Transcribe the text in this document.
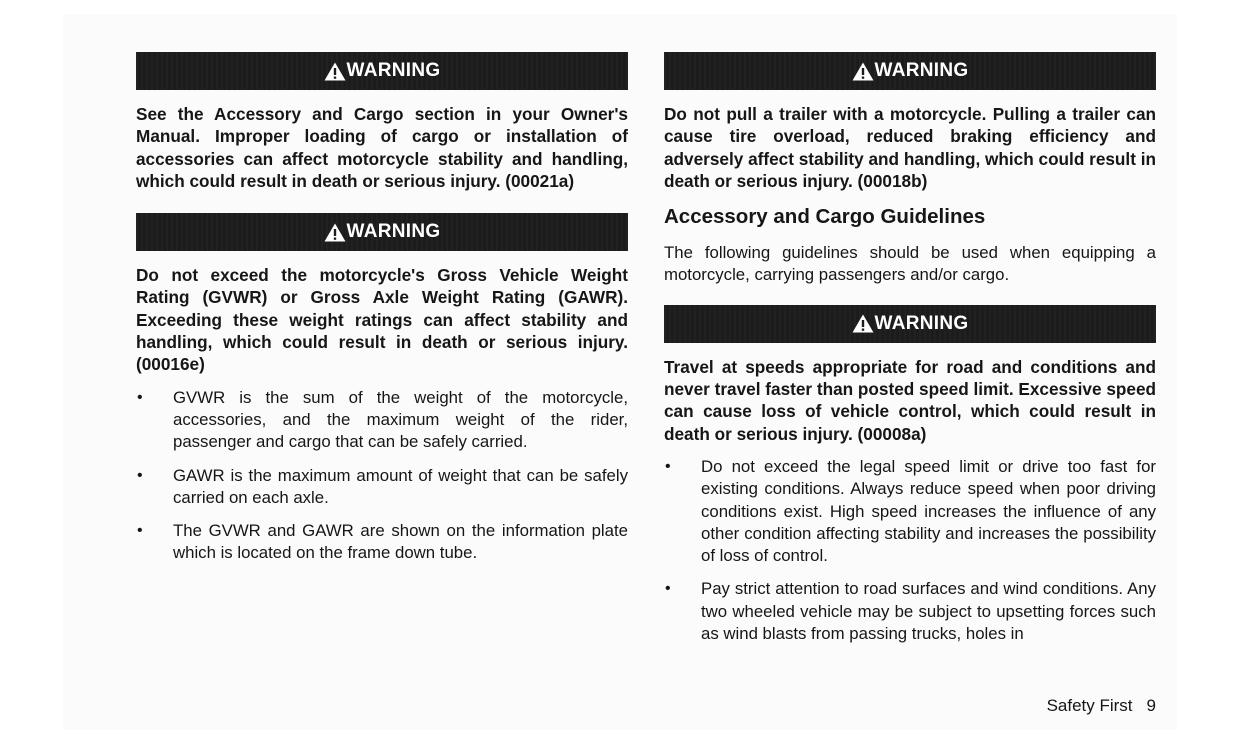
WARNING
See the Accessory and Cargo section in your Owner's Manual. Improper loading of cargo or installation of accessories can affect motorcycle stability and handling, which could result in death or serious injury. (00021a)
WARNING
Do not exceed the motorcycle's Gross Vehicle Weight Rating (GVWR) or Gross Axle Weight Rating (GAWR). Exceeding these weight ratings can affect stability and handling, which could result in death or serious injury. (00016e)
• GVWR is the sum of the weight of the motorcycle, accessories, and the maximum weight of the rider, passenger and cargo that can be safely carried.
• GAWR is the maximum amount of weight that can be safely carried on each axle.
• The GVWR and GAWR are shown on the information plate which is located on the frame down tube.
WARNING
Do not pull a trailer with a motorcycle. Pulling a trailer can cause tire overload, reduced braking efficiency and adversely affect stability and handling, which could result in death or serious injury. (00018b)
Accessory and Cargo Guidelines
The following guidelines should be used when equipping a motorcycle, carrying passengers and/or cargo.
WARNING
Travel at speeds appropriate for road and conditions and never travel faster than posted speed limit. Excessive speed can cause loss of vehicle control, which could result in death or serious injury. (00008a)
• Do not exceed the legal speed limit or drive too fast for existing conditions. Always reduce speed when poor driving conditions exist. High speed increases the influence of any other condition affecting stability and increases the possibility of loss of control.
• Pay strict attention to road surfaces and wind conditions. Any two wheeled vehicle may be subject to upsetting forces such as wind blasts from passing trucks, holes in
Safety First 9
